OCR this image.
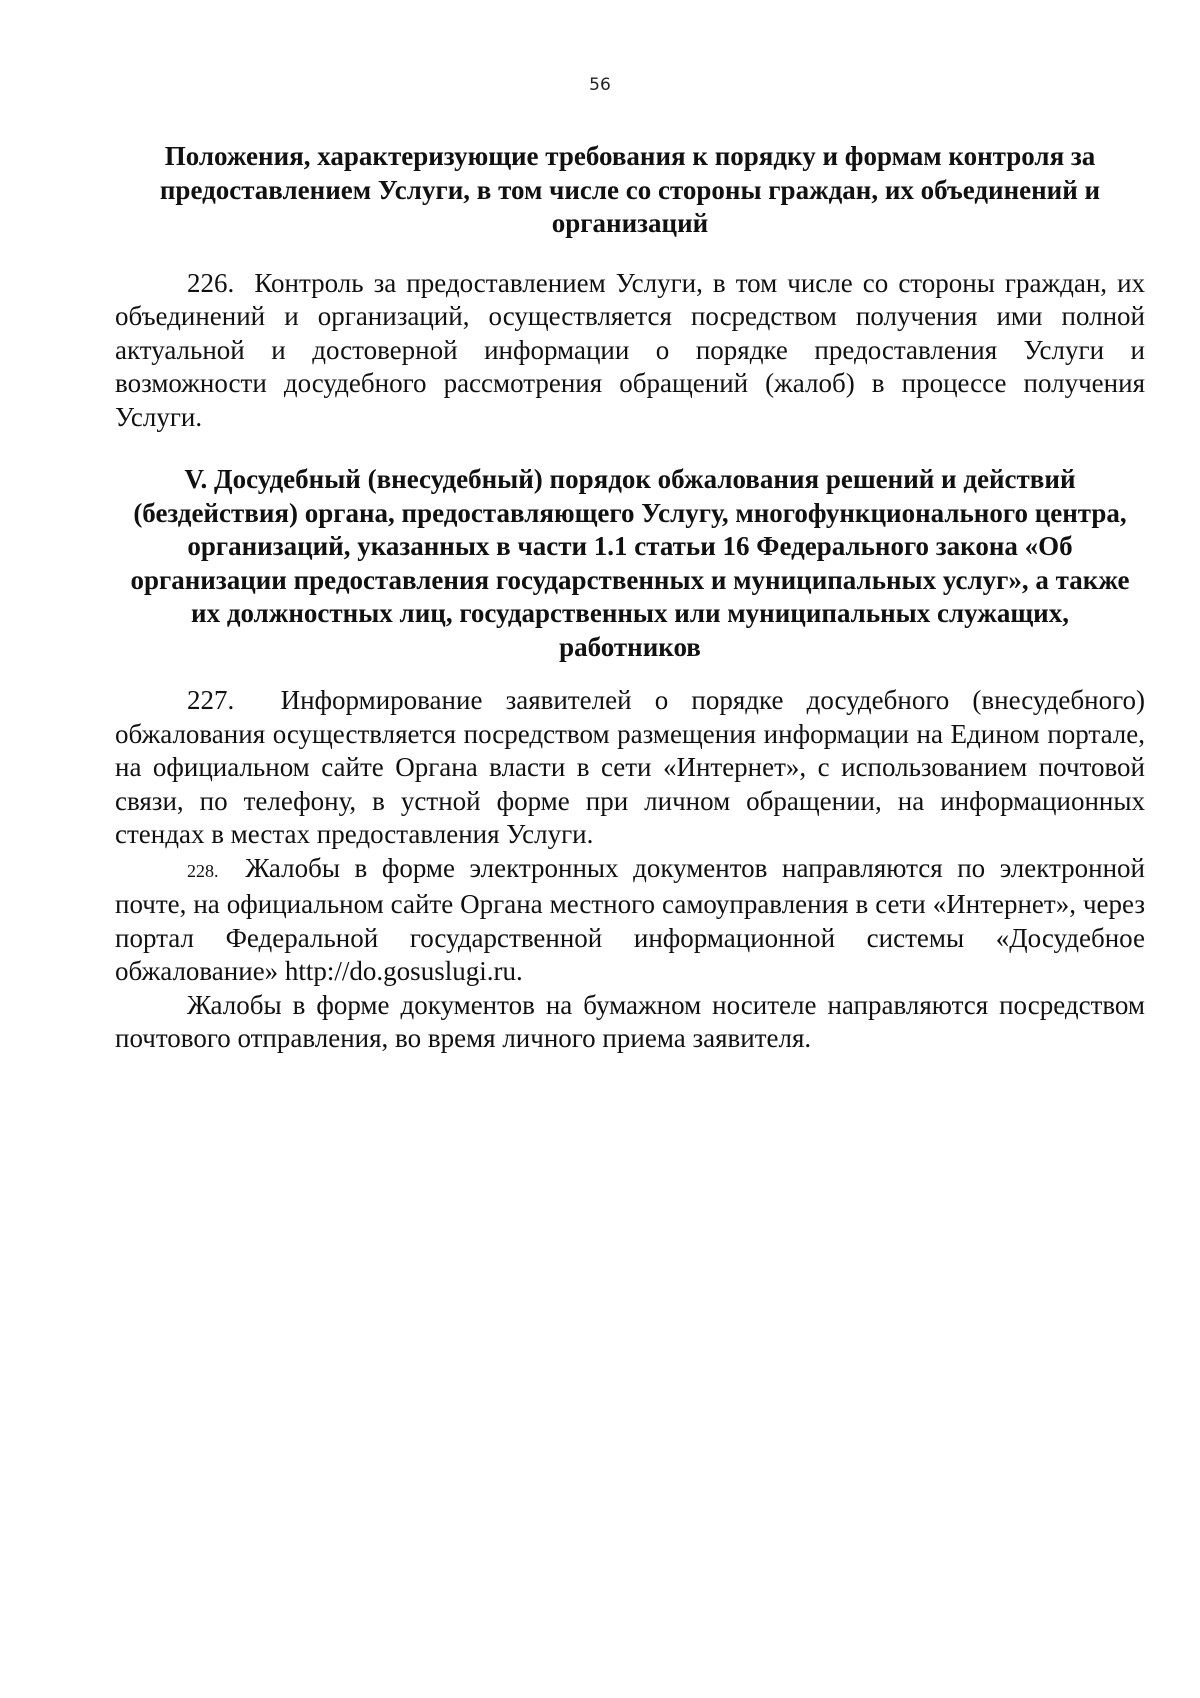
56

Положения, характеризующие требования к порядку и формам контроля за предоставлением Услуги, в том числе со стороны граждан, их объединений и организаций

226.  Контроль за предоставлением Услуги, в том числе со стороны граждан, их объединений и организаций, осуществляется посредством получения ими полной актуальной и достоверной информации о порядке предоставления Услуги и возможности досудебного рассмотрения обращений (жалоб) в процессе получения Услуги.

V. Досудебный (внесудебный) порядок обжалования решений и действий (бездействия) органа, предоставляющего Услугу, многофункционального центра, организаций, указанных в части 1.1 статьи 16 Федерального закона «Об организации предоставления государственных и муниципальных услуг», а также их должностных лиц, государственных или муниципальных служащих, работников

227.  Информирование заявителей о порядке досудебного (внесудебного) обжалования осуществляется посредством размещения информации на Едином портале, на официальном сайте Органа власти в сети «Интернет», с использованием почтовой связи, по телефону, в устной форме при личном обращении, на информационных стендах в местах предоставления Услуги.

228.  Жалобы в форме электронных документов направляются по электронной почте, на официальном сайте Органа местного самоуправления в сети «Интернет», через портал Федеральной государственной информационной системы «Досудебное обжалование» http://do.gosuslugi.ru.

Жалобы в форме документов на бумажном носителе направляются посредством почтового отправления, во время личного приема заявителя.
